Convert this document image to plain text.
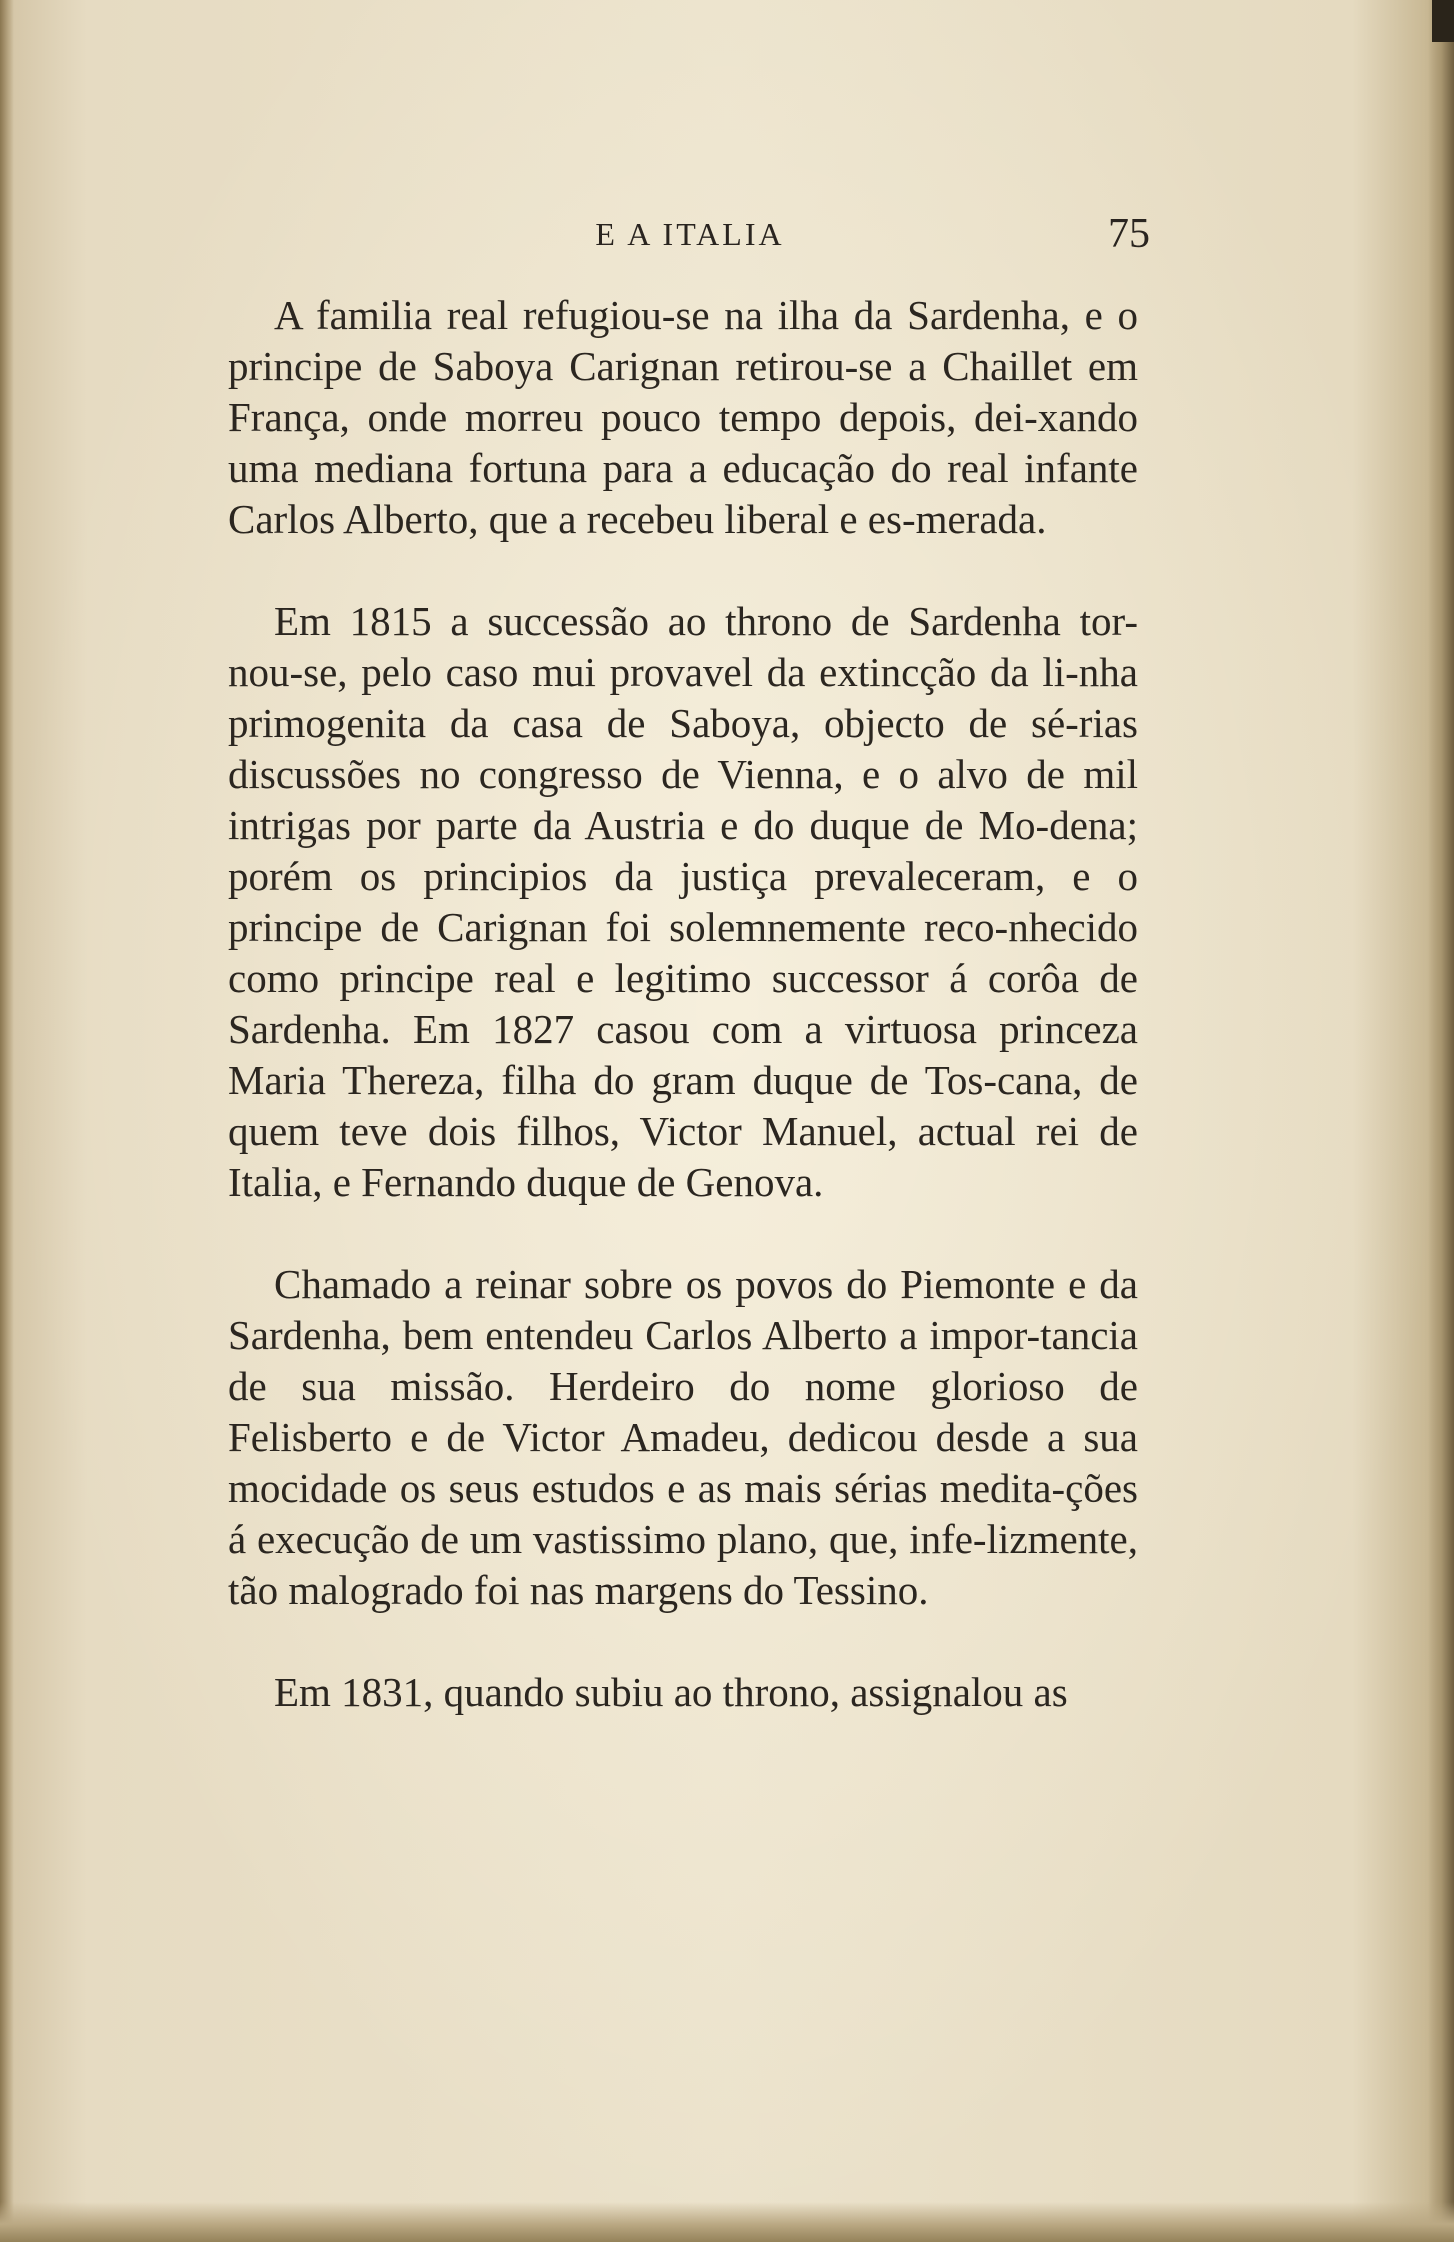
E A ITALIA	75

A familia real refugiou-se na ilha da Sardenha, e o principe de Saboya Carignan retirou-se a Chaillet em França, onde morreu pouco tempo depois, dei-xando uma mediana fortuna para a educação do real infante Carlos Alberto, que a recebeu liberal e es-merada.

Em 1815 a successão ao throno de Sardenha tor-nou-se, pelo caso mui provavel da extincção da li-nha primogenita da casa de Saboya, objecto de sé-rias discussões no congresso de Vienna, e o alvo de mil intrigas por parte da Austria e do duque de Mo-dena; porém os principios da justiça prevaleceram, e o principe de Carignan foi solemnemente reco-nhecido como principe real e legitimo successor á corôa de Sardenha. Em 1827 casou com a virtuosa princeza Maria Thereza, filha do gram duque de Tos-cana, de quem teve dois filhos, Victor Manuel, actual rei de Italia, e Fernando duque de Genova.

Chamado a reinar sobre os povos do Piemonte e da Sardenha, bem entendeu Carlos Alberto a impor-tancia de sua missão. Herdeiro do nome glorioso de Felisberto e de Victor Amadeu, dedicou desde a sua mocidade os seus estudos e as mais sérias medita-ções á execução de um vastissimo plano, que, infe-lizmente, tão malogrado foi nas margens do Tessino.

Em 1831, quando subiu ao throno, assignalou as
